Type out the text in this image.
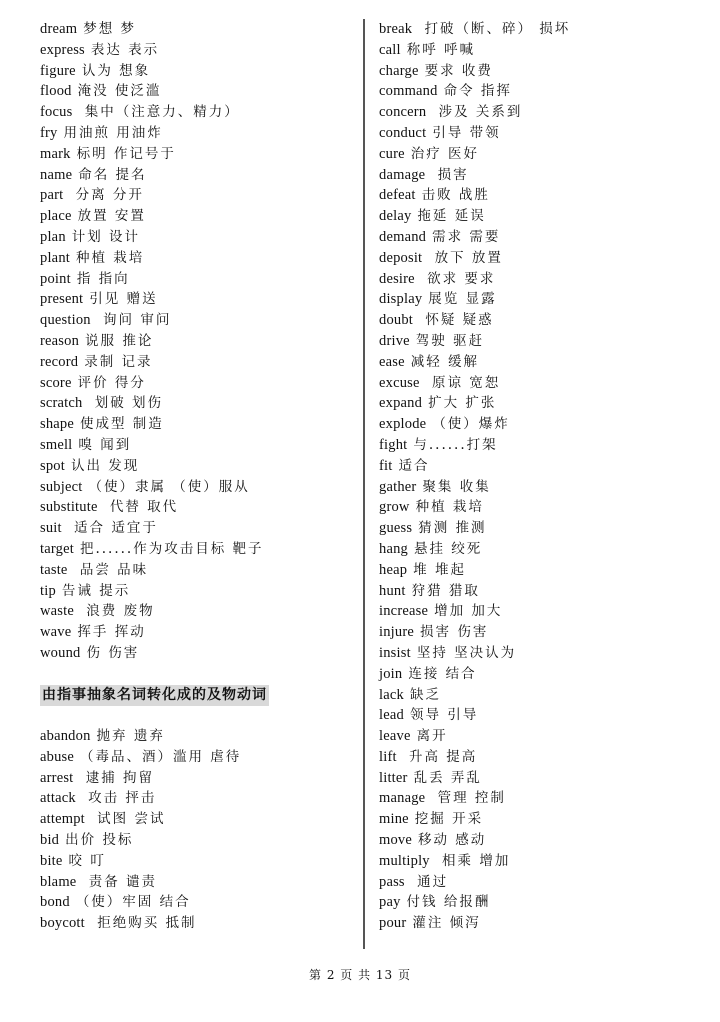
dream 梦想 梦
express 表达 表示
figure 认为 想象
flood 淹没 使泛滥
focus 集中（注意力、精力）
fry 用油煎 用油炸
mark 标明 作记号于
name 命名 提名
part 分离 分开
place 放置 安置
plan 计划 设计
plant 种植 栽培
point 指 指向
present 引见 赠送
question 询问 审问
reason 说服 推论
record 录制 记录
score 评价 得分
scratch 划破 划伤
shape 使成型 制造
smell 嗅 闻到
spot 认出 发现
subject （使）隶属 （使）服从
substitute 代替 取代
suit 适合 适宜于
target 把......作为攻击目标 靶子
taste 品尝 品味
tip 告诫 提示
waste 浪费 废物
wave 挥手 挥动
wound 伤 伤害
由指事抽象名词转化成的及物动词
abandon 抛弃 遗弃
abuse （毒品、酒）滥用 虐待
arrest 逮捕 拘留
attack 攻击 抨击
attempt 试图 尝试
bid 出价 投标
bite 咬 叮
blame 责备 谴责
bond （使）牢固 结合
boycott 拒绝购买 抵制
break 打破（断、碎） 损坏
call 称呼 呼喊
charge 要求 收费
command 命令 指挥
concern 涉及 关系到
conduct 引导 带领
cure 治疗 医好
damage 损害
defeat 击败 战胜
delay 拖延 延误
demand 需求 需要
deposit 放下 放置
desire 欲求 要求
display 展览 显露
doubt 怀疑 疑惑
drive 驾驶 驱赶
ease 减轻 缓解
excuse 原谅 宽恕
expand 扩大 扩张
explode （使）爆炸
fight 与......打架
fit 适合
gather 聚集 收集
grow 种植 栽培
guess 猜测 推测
hang 悬挂 绞死
heap 堆 堆起
hunt 狩猎 猎取
increase 增加 加大
injure 损害 伤害
insist 坚持 坚决认为
join 连接 结合
lack 缺乏
lead 领导 引导
leave 离开
lift 升高 提高
litter 乱丢 弄乱
manage 管理 控制
mine 挖掘 开采
move 移动 感动
multiply 相乘 增加
pass 通过
pay 付钱 给报酬
pour 灌注 倾泻
第 2 页 共 13 页
